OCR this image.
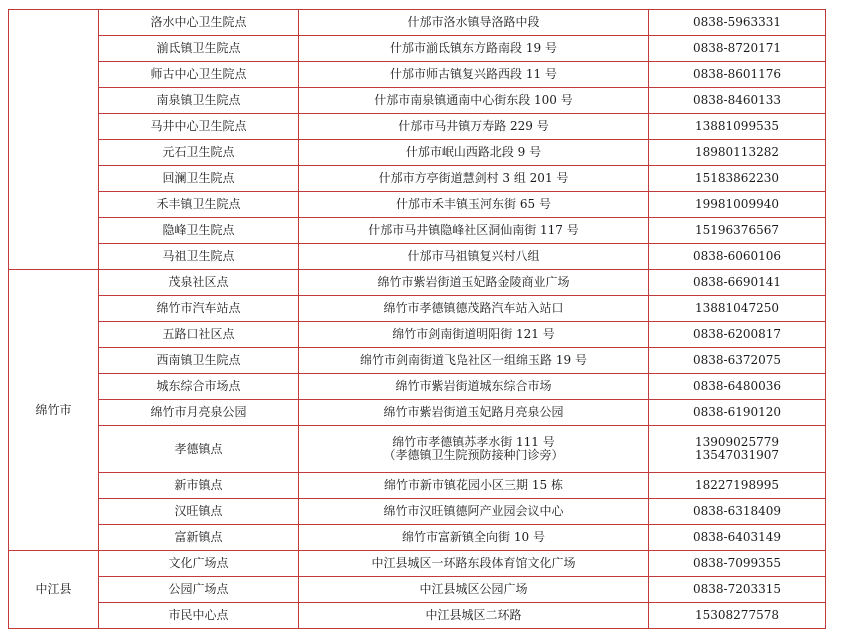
	洛水中心卫生院点	什邡市洛水镇导洛路中段	0838-5963331

	湔氐镇卫生院点	什邡市湔氐镇东方路南段 19 号	0838-8720171

	师古中心卫生院点	什邡市师古镇复兴路西段 11 号	0838-8601176

	南泉镇卫生院点	什邡市南泉镇通南中心街东段 100 号	0838-8460133

	马井中心卫生院点	什邡市马井镇万寿路 229 号	13881099535

	元石卫生院点	什邡市岷山西路北段 9 号	18980113282

	回澜卫生院点	什邡市方亭街道慧剑村 3 组 201 号	15183862230

	禾丰镇卫生院点	什邡市禾丰镇玉河东街 65 号	19981009940

	隐峰卫生院点	什邡市马井镇隐峰社区洞仙南街 117 号	15196376567

	马祖卫生院点	什邡市马祖镇复兴村八组	0838-6060106

绵竹市	茂泉社区点	绵竹市紫岩街道玉妃路金陵商业广场	0838-6690141

	绵竹市汽车站点	绵竹市孝德镇德茂路汽车站入站口	13881047250

	五路口社区点	绵竹市剑南街道明阳街 121 号	0838-6200817

	西南镇卫生院点	绵竹市剑南街道飞凫社区一组绵玉路 19 号	0838-6372075

	城东综合市场点	绵竹市紫岩街道城东综合市场	0838-6480036

	绵竹市月亮泉公园	绵竹市紫岩街道玉妃路月亮泉公园	0838-6190120

	孝德镇点	绵竹市孝德镇苏孝水街 111 号
（孝德镇卫生院预防接种门诊旁）	13909025779
13547031907

	新市镇点	绵竹市新市镇花园小区三期 15 栋	18227198995

	汉旺镇点	绵竹市汉旺镇德阿产业园会议中心	0838-6318409

	富新镇点	绵竹市富新镇全向街 10 号	0838-6403149

中江县	文化广场点	中江县城区一环路东段体育馆文化广场	0838-7099355

	公园广场点	中江县城区公园广场	0838-7203315

	市民中心点	中江县城区二环路	15308277578
